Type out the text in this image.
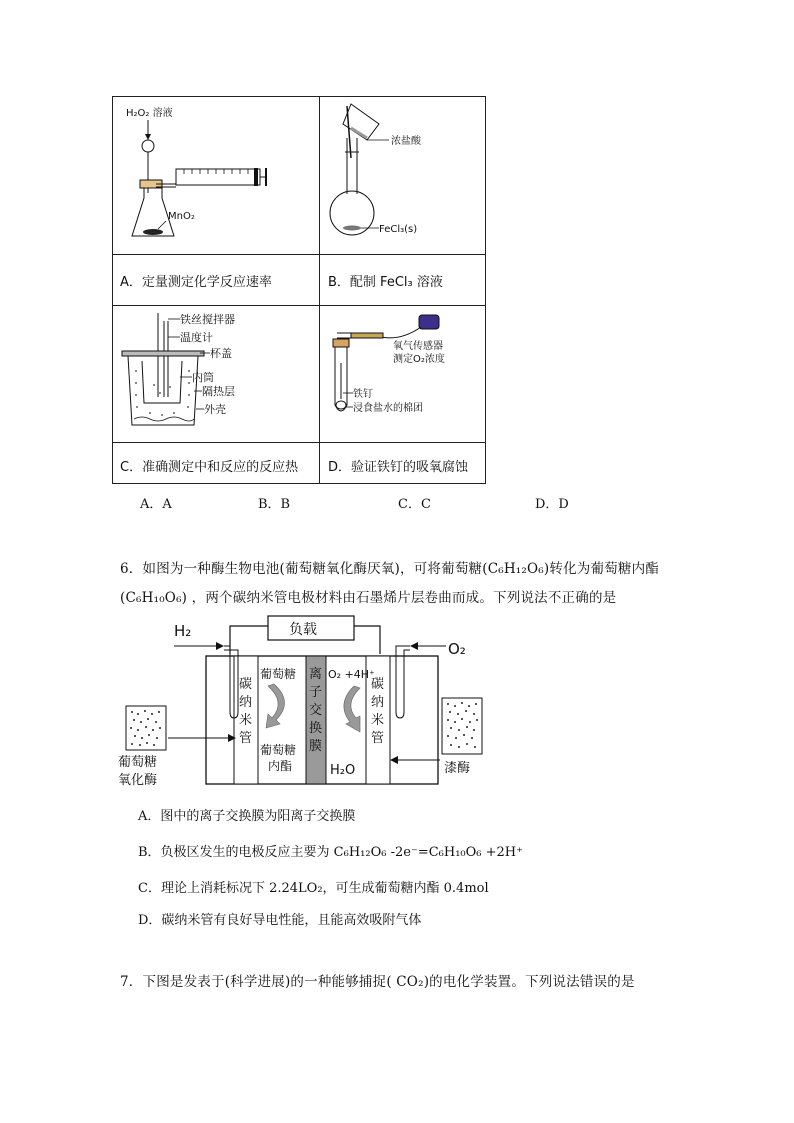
H₂O₂ 溶液
MnO₂
浓盐酸
FeCl₃(s)
A．定量测定化学反应速率	B．配制 FeCl₃ 溶液
铁丝搅拌器
温度计
杯盖
内筒
隔热层
外壳
氧气传感器
测定O₂浓度
铁钉
浸食盐水的棉团
C．准确测定中和反应的反应热 D．验证铁钉的吸氧腐蚀
A．A	B．B	C．C	D．D
6．如图为一种酶生物电池(葡萄糖氧化酶厌氧)，可将葡萄糖(C₆H₁₂O₆)转化为葡萄糖内酯
(C₆H₁₀O₆) ，两个碳纳米管电极材料由石墨烯片层卷曲而成。下列说法不正确的是
负载
H₂
O₂
碳
纳
米
管
碳
纳
米
管
离
子
交
换
膜
葡萄糖
葡萄糖
内酯
O₂ +4H⁺
H₂O
葡萄糖
氧化酶
漆酶
A．图中的离子交换膜为阳离子交换膜
B．负极区发生的电极反应主要为 C₆H₁₂O₆ -2e⁻=C₆H₁₀O₆ +2H⁺
C．理论上消耗标况下 2.24LO₂，可生成葡萄糖内酯 0.4mol
D．碳纳米管有良好导电性能，且能高效吸附气体
7．下图是发表于(科学进展)的一种能够捕捉( CO₂)的电化学装置。下列说法错误的是
